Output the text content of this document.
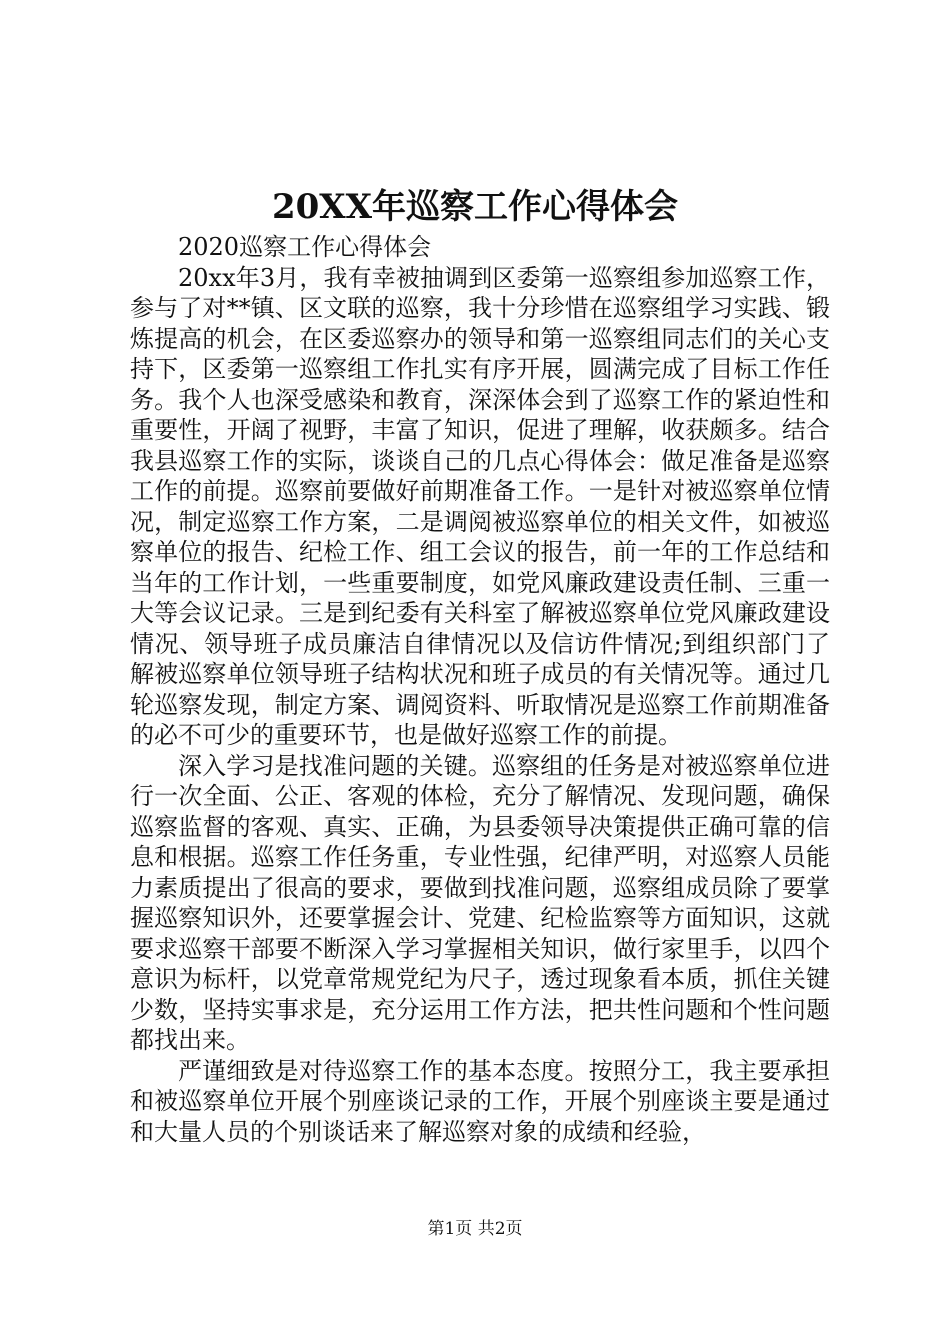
20XX年巡察工作心得体会

2020巡察工作心得体会

20xx年3月，我有幸被抽调到区委第一巡察组参加巡察工作，参与了对**镇、区文联的巡察，我十分珍惜在巡察组学习实践、锻炼提高的机会，在区委巡察办的领导和第一巡察组同志们的关心支持下，区委第一巡察组工作扎实有序开展，圆满完成了目标工作任务。我个人也深受感染和教育，深深体会到了巡察工作的紧迫性和重要性，开阔了视野，丰富了知识，促进了理解，收获颇多。结合我县巡察工作的实际，谈谈自己的几点心得体会：做足准备是巡察工作的前提。巡察前要做好前期准备工作。一是针对被巡察单位情况，制定巡察工作方案，二是调阅被巡察单位的相关文件，如被巡察单位的报告、纪检工作、组工会议的报告，前一年的工作总结和当年的工作计划，一些重要制度，如党风廉政建设责任制、三重一大等会议记录。三是到纪委有关科室了解被巡察单位党风廉政建设情况、领导班子成员廉洁自律情况以及信访件情况;到组织部门了解被巡察单位领导班子结构状况和班子成员的有关情况等。通过几轮巡察发现，制定方案、调阅资料、听取情况是巡察工作前期准备的必不可少的重要环节，也是做好巡察工作的前提。

深入学习是找准问题的关键。巡察组的任务是对被巡察单位进行一次全面、公正、客观的体检，充分了解情况、发现问题，确保巡察监督的客观、真实、正确，为县委领导决策提供正确可靠的信息和根据。巡察工作任务重，专业性强，纪律严明，对巡察人员能力素质提出了很高的要求，要做到找准问题，巡察组成员除了要掌握巡察知识外，还要掌握会计、党建、纪检监察等方面知识，这就要求巡察干部要不断深入学习掌握相关知识，做行家里手，以四个意识为标杆，以党章常规党纪为尺子，透过现象看本质，抓住关键少数，坚持实事求是，充分运用工作方法，把共性问题和个性问题都找出来。

严谨细致是对待巡察工作的基本态度。按照分工，我主要承担和被巡察单位开展个别座谈记录的工作，开展个别座谈主要是通过和大量人员的个别谈话来了解巡察对象的成绩和经验，

第1页 共2页
